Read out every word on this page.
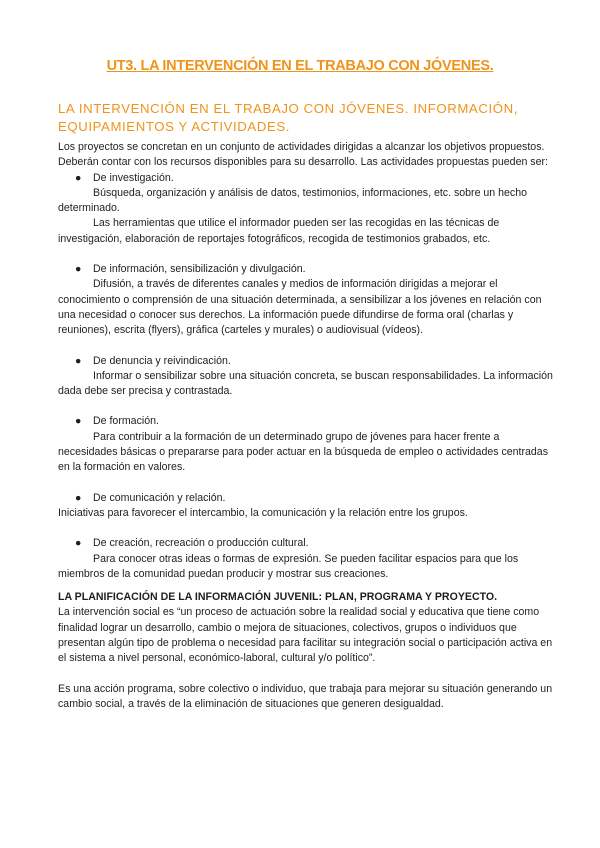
UT3. LA INTERVENCIÓN EN EL TRABAJO CON JÓVENES.
LA INTERVENCIÓN EN EL TRABAJO CON JÓVENES. INFORMACIÓN, EQUIPAMIENTOS Y ACTIVIDADES.

Los proyectos se concretan en un conjunto de actividades dirigidas a alcanzar los objetivos propuestos.

Deberán contar con los recursos disponibles para su desarrollo. Las actividades propuestas pueden ser:

● De investigación.

Búsqueda, organización y análisis de datos, testimonios, informaciones, etc. sobre un hecho determinado.

Las herramientas que utilice el informador pueden ser las recogidas en las técnicas de investigación, elaboración de reportajes fotográficos, recogida de testimonios grabados, etc.

● De información, sensibilización y divulgación.

Difusión, a través de diferentes canales y medios de información dirigidas a mejorar el conocimiento o comprensión de una situación determinada, a sensibilizar a los jóvenes en relación con una necesidad o conocer sus derechos. La información puede difundirse de forma oral (charlas y reuniones), escrita (flyers), gráfica (carteles y murales) o audiovisual (vídeos).

● De denuncia y reivindicación.

Informar o sensibilizar sobre una situación concreta, se buscan responsabilidades. La información dada debe ser precisa y contrastada.

● De formación.

Para contribuir a la formación de un determinado grupo de jóvenes para hacer frente a necesidades básicas o prepararse para poder actuar en la búsqueda de empleo o actividades centradas en la formación en valores.

● De comunicación y relación.

Iniciativas para favorecer el intercambio, la comunicación y la relación entre los grupos.

● De creación, recreación o producción cultural.

Para conocer otras ideas o formas de expresión. Se pueden facilitar espacios para que los miembros de la comunidad puedan producir y mostrar sus creaciones.

LA PLANIFICACIÓN DE LA INFORMACIÓN JUVENIL: PLAN, PROGRAMA Y PROYECTO.

La intervención social es “un proceso de actuación sobre la realidad social y educativa que tiene como finalidad lograr un desarrollo, cambio o mejora de situaciones, colectivos, grupos o individuos que presentan algún tipo de problema o necesidad para facilitar su integración social o participación activa en el sistema a nivel personal, económico-laboral, cultural y/o político”.

Es una acción programa, sobre colectivo o individuo, que trabaja para mejorar su situación generando un cambio social, a través de la eliminación de situaciones que generen desigualdad.
